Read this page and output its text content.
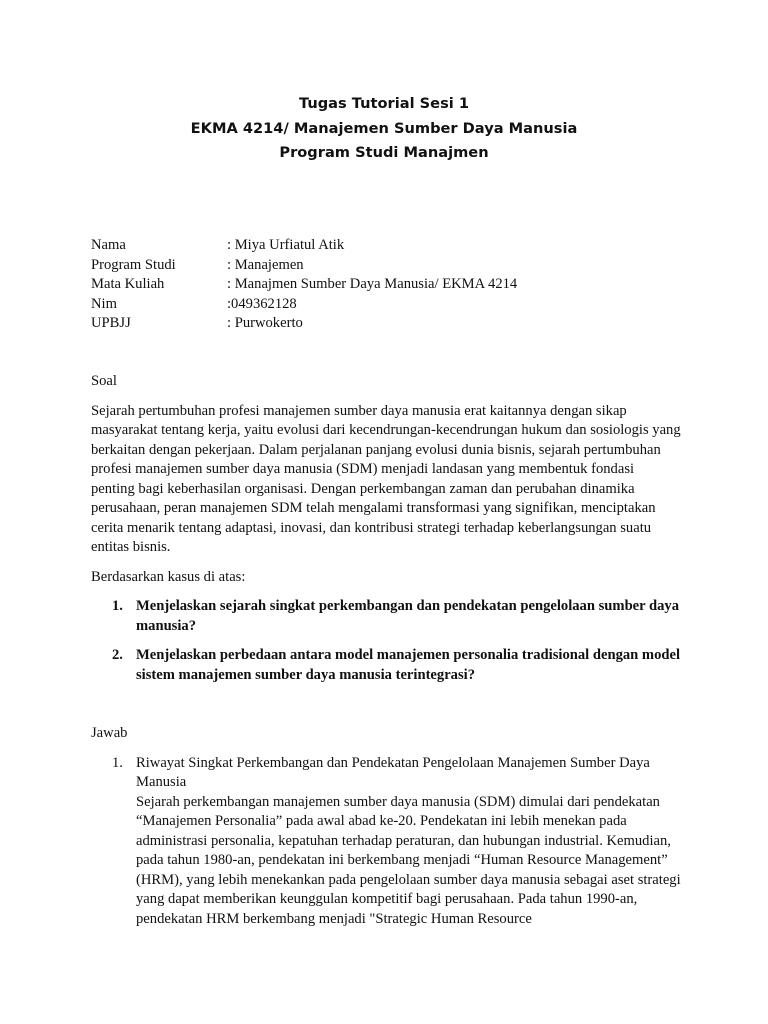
Tugas Tutorial Sesi 1
EKMA 4214/ Manajemen Sumber Daya Manusia
Program Studi Manajmen
Nama	: Miya Urfiatul Atik
Program Studi	: Manajemen
Mata Kuliah	: Manajmen Sumber Daya Manusia/ EKMA 4214
Nim	:049362128
UPBJJ	: Purwokerto

Soal

Sejarah pertumbuhan profesi manajemen sumber daya manusia erat kaitannya dengan sikap masyarakat tentang kerja, yaitu evolusi dari kecendrungan-kecendrungan hukum dan sosiologis yang berkaitan dengan pekerjaan. Dalam perjalanan panjang evolusi dunia bisnis, sejarah pertumbuhan profesi manajemen sumber daya manusia (SDM) menjadi landasan yang membentuk fondasi penting bagi keberhasilan organisasi. Dengan perkembangan zaman dan perubahan dinamika perusahaan, peran manajemen SDM telah mengalami transformasi yang signifikan, menciptakan cerita menarik tentang adaptasi, inovasi, dan kontribusi strategi terhadap keberlangsungan suatu entitas bisnis.

Berdasarkan kasus di atas:

1. Menjelaskan sejarah singkat perkembangan dan pendekatan pengelolaan sumber daya manusia?
2. Menjelaskan perbedaan antara model manajemen personalia tradisional dengan model sistem manajemen sumber daya manusia terintegrasi?

Jawab

1. Riwayat Singkat Perkembangan dan Pendekatan Pengelolaan Manajemen Sumber Daya Manusia
Sejarah perkembangan manajemen sumber daya manusia (SDM) dimulai dari pendekatan “Manajemen Personalia” pada awal abad ke-20. Pendekatan ini lebih menekan pada administrasi personalia, kepatuhan terhadap peraturan, dan hubungan industrial. Kemudian, pada tahun 1980-an, pendekatan ini berkembang menjadi “Human Resource Management” (HRM), yang lebih menekankan pada pengelolaan sumber daya manusia sebagai aset strategi yang dapat memberikan keunggulan kompetitif bagi perusahaan. Pada tahun 1990-an, pendekatan HRM berkembang menjadi "Strategic Human Resource
